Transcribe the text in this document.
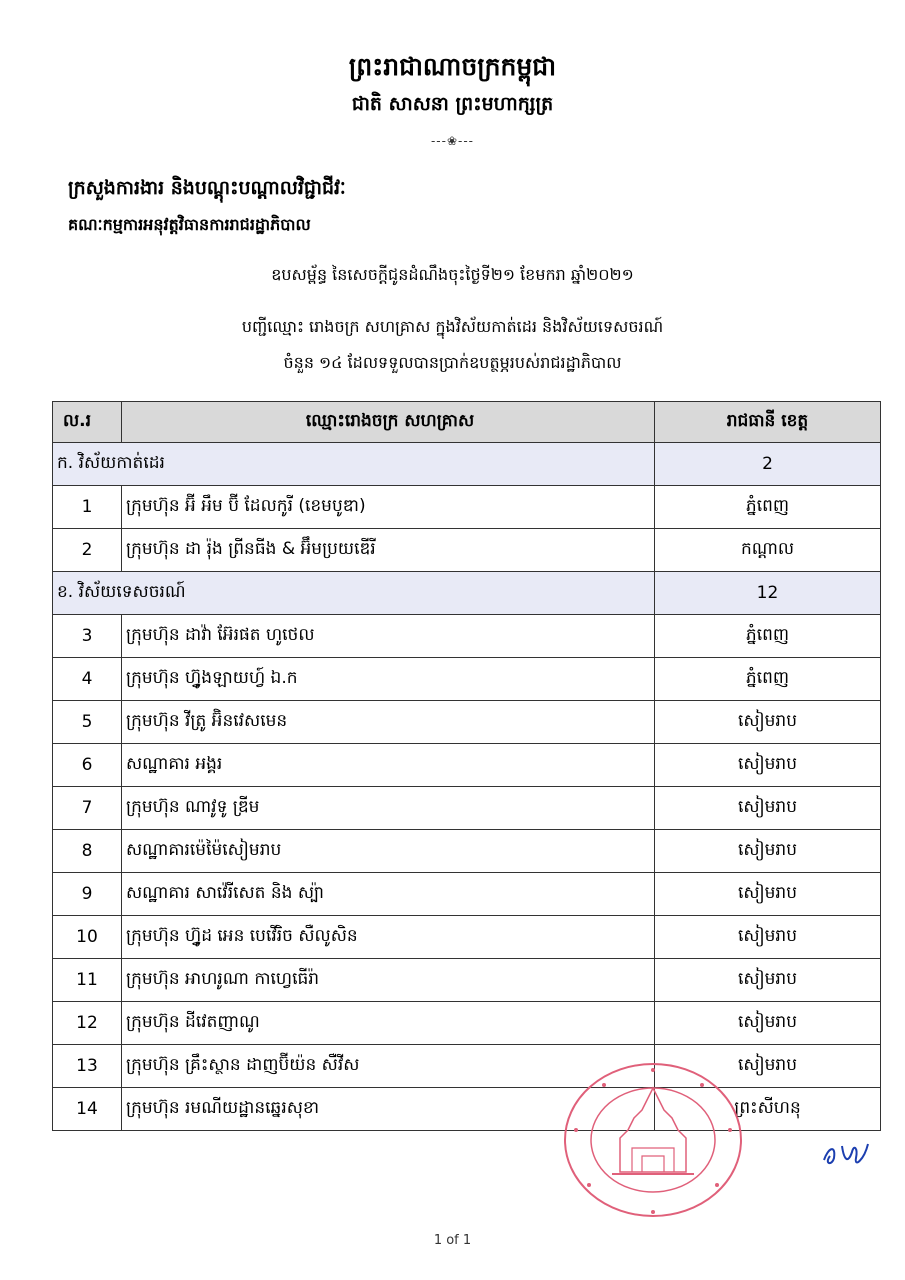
ព្រះរាជាណាចក្រកម្ពុជា
ជាតិ សាសនា ព្រះមហាក្សត្រ
---❀---
ក្រសួងការងារ និងបណ្តុះបណ្តាលវិជ្ជាជីវៈ
គណៈកម្មការអនុវត្តវិធានការរាជរដ្ឋាភិបាល
ឧបសម្ព័ន្ធ នៃសេចក្តីជូនដំណឹងចុះថ្ងៃទី២១ ខែមករា ឆ្នាំ២០២១
បញ្ជីឈ្មោះ រោងចក្រ សហគ្រាស ក្នុងវិស័យកាត់ដេរ និងវិស័យទេសចរណ៍
ចំនួន ១៤ ដែលទទួលបានប្រាក់ឧបត្ថម្ភរបស់រាជរដ្ឋាភិបាល
ល.រ	ឈ្មោះរោងចក្រ សហគ្រាស	រាជធានី ខេត្ត
ក. វិស័យកាត់ដេរ		2
1	ក្រុមហ៊ុន អ៊ី អឹម ប៊ី ដែលកូរី (ខេមបូឌា)	ភ្នំពេញ
2	ក្រុមហ៊ុន ដា រ៉ុង ព្រីនធីង & អ៊ឹមប្រយឌើរី	កណ្តាល
ខ. វិស័យទេសចរណ៍		12
3	ក្រុមហ៊ុន ដាវ៉ា អ៊ែរផត ហូថេល	ភ្នំពេញ
4	ក្រុមហ៊ុន ហ្វ៊ូងឡាយហ្វ៍ ឯ.ក	ភ្នំពេញ
5	ក្រុមហ៊ុន វីត្រូ អ៊ិនវេសមេន	សៀមរាប
6	សណ្ឋាគារ អង្គរ	សៀមរាប
7	ក្រុមហ៊ុន ណាវូទូ ឌ្រីម	សៀមរាប
8	សណ្ឋាគារម៉េម៉ៃសៀមរាប	សៀមរាប
9	សណ្ឋាគារ សាវ៉េរីសេត និង ស្ប៉ា	សៀមរាប
10	ក្រុមហ៊ុន ហ្វ៊ូដ អេន បេវើរិច សឺលូសិន	សៀមរាប
11	ក្រុមហ៊ុន អាហរូណា កាហ្វេធើរ៉ា	សៀមរាប
12	ក្រុមហ៊ុន ដីវេតញាណូ	សៀមរាប
13	ក្រុមហ៊ុន គ្រឹះស្ថាន ដាញប៊ីយ៉ន សឺវីស	សៀមរាប
14	ក្រុមហ៊ុន រមណីយដ្ឋានឆ្នេរសុខា	ព្រះសីហនុ
1 of 1
